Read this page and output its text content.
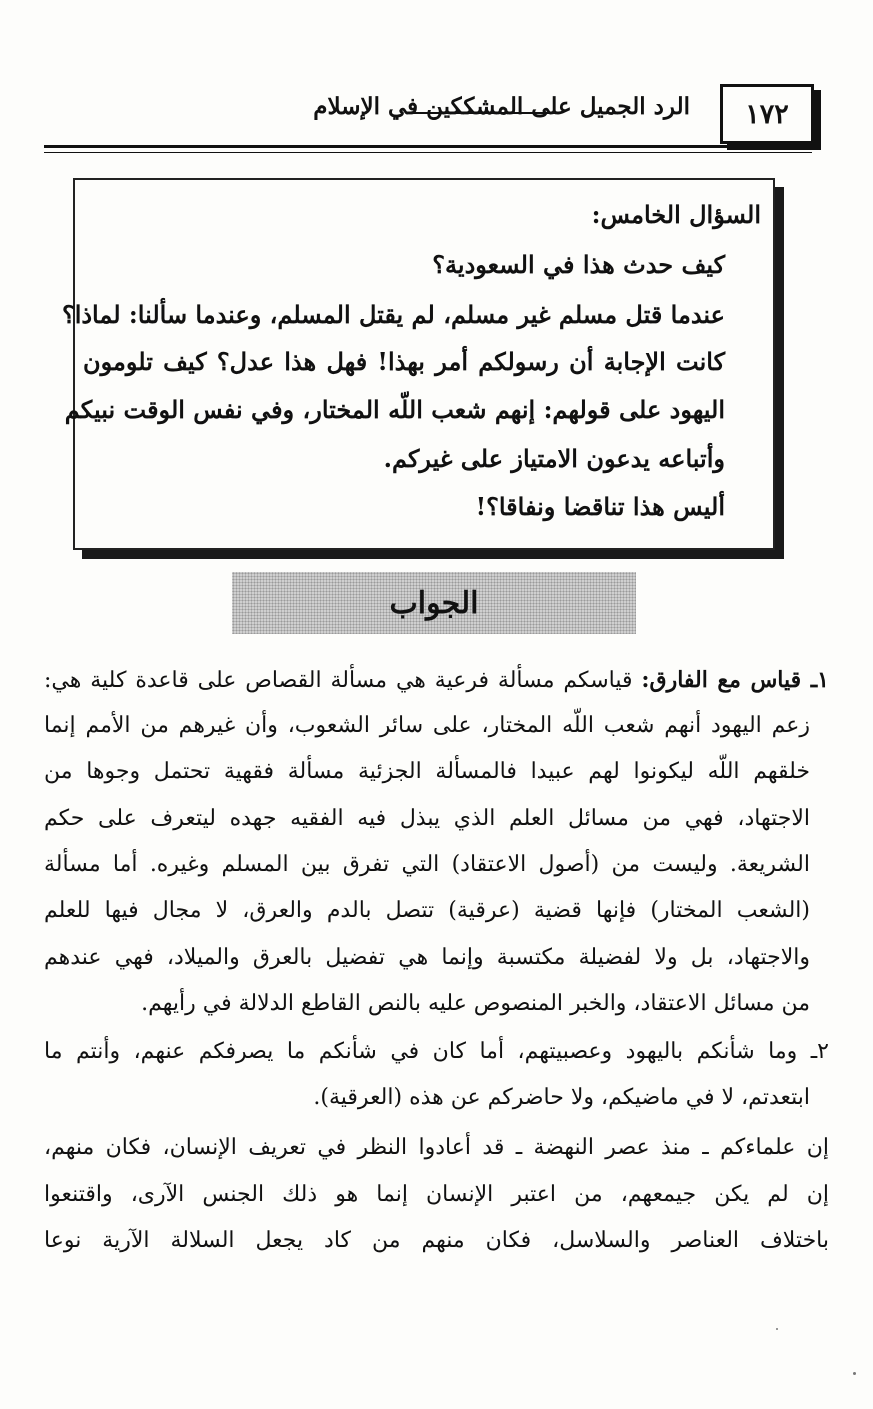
١٧٢
الرد الجميل على المشككين في الإسلام
السؤال الخامس:
كيف حدث هذا في السعودية؟
عندما قتل مسلم غير مسلم، لم يقتل المسلم، وعندما سألنا: لماذا؟
كانت الإجابة أن رسولكم أمر بهذا! فهل هذا عدل؟ كيف تلومون
اليهود على قولهم: إنهم شعب اللّه المختار، وفي نفس الوقت نبيكم
وأتباعه يدعون الامتياز على غيركم.
أليس هذا تناقضا ونفاقا؟!
الجواب
١ـ قياس مع الفارق: قياسكم مسألة فرعية هي مسألة القصاص على قاعدة كلية هي:
زعم اليهود أنهم شعب اللّه المختار، على سائر الشعوب، وأن غيرهم من الأمم إنما
خلقهم اللّه ليكونوا لهم عبيدا فالمسألة الجزئية مسألة فقهية تحتمل وجوها من
الاجتهاد، فهي من مسائل العلم الذي يبذل فيه الفقيه جهده ليتعرف على حكم
الشريعة. وليست من (أصول الاعتقاد) التي تفرق بين المسلم وغيره. أما مسألة
(الشعب المختار) فإنها قضية (عرقية) تتصل بالدم والعرق، لا مجال فيها للعلم
والاجتهاد، بل ولا لفضيلة مكتسبة وإنما هي تفضيل بالعرق والميلاد، فهي عندهم
من مسائل الاعتقاد، والخبر المنصوص عليه بالنص القاطع الدلالة في رأيهم.
٢ـ وما شأنكم باليهود وعصبيتهم، أما كان في شأنكم ما يصرفكم عنهم، وأنتم ما
ابتعدتم، لا في ماضيكم، ولا حاضركم عن هذه (العرقية).
إن علماءكم ـ منذ عصر النهضة ـ قد أعادوا النظر في تعريف الإنسان، فكان منهم،
إن لم يكن جيمعهم، من اعتبر الإنسان إنما هو ذلك الجنس الآرى، واقتنعوا
باختلاف العناصر والسلاسل، فكان منهم من كاد يجعل السلالة الآرية نوعا
